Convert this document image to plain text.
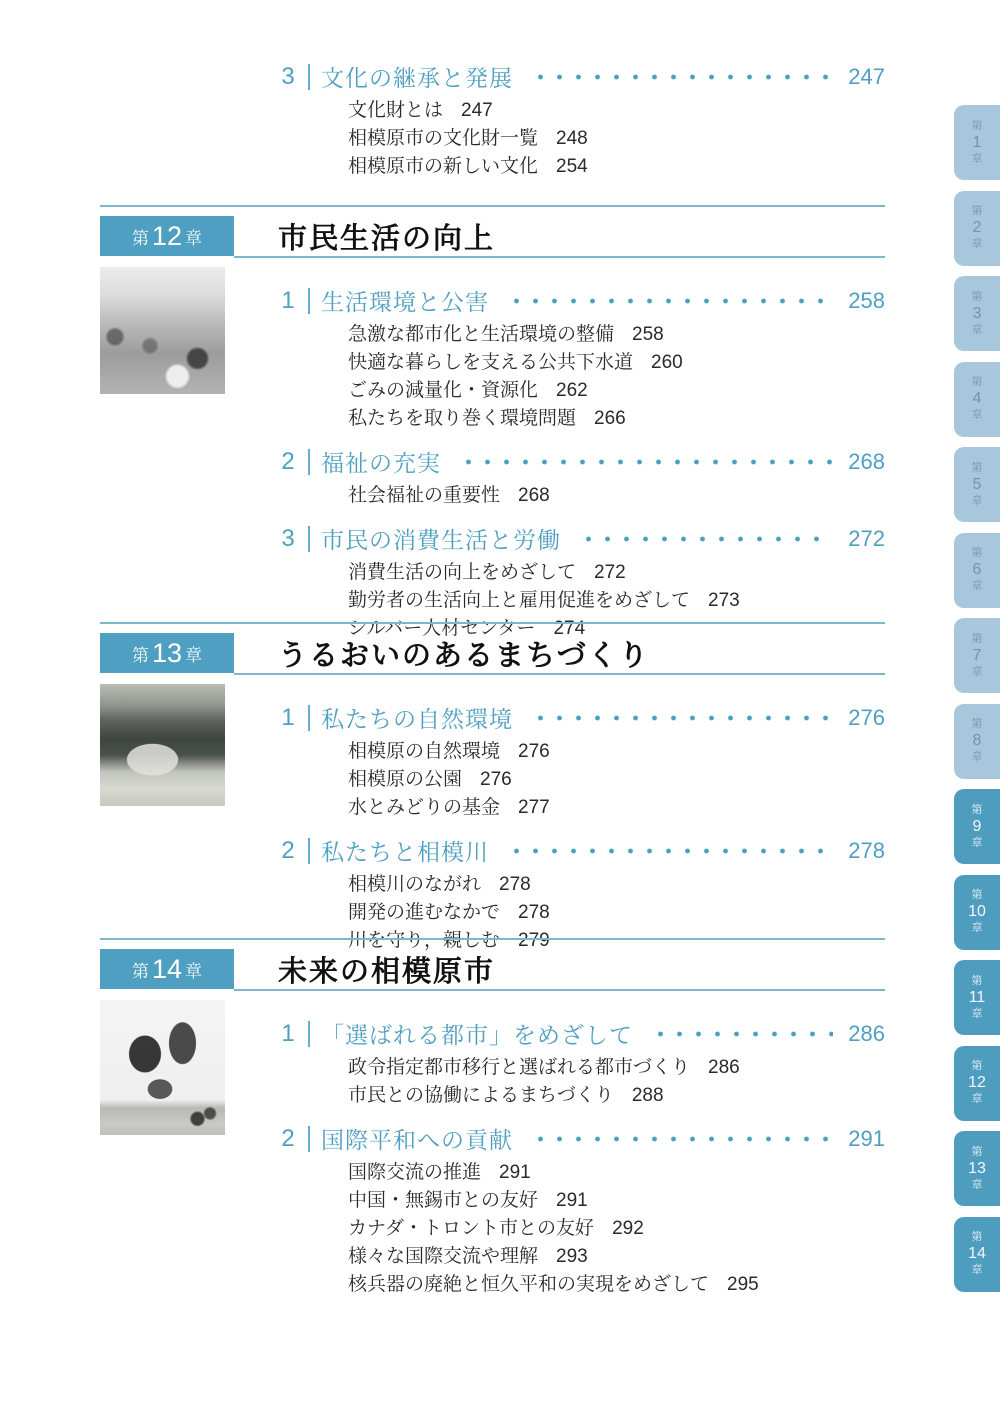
3 文化の継承と発展	247
文化財とは 247
相模原市の文化財一覧 248
相模原市の新しい文化 254
第 12 章	市民生活の向上
1 生活環境と公害	258
急激な都市化と生活環境の整備 258
快適な暮らしを支える公共下水道 260
ごみの減量化・資源化 262
私たちを取り巻く環境問題 266
2 福祉の充実	268
社会福祉の重要性 268
3 市民の消費生活と労働	272
消費生活の向上をめざして 272
勤労者の生活向上と雇用促進をめざして 273
シルバー人材センター 274
第 13 章	うるおいのあるまちづくり
1 私たちの自然環境	276
相模原の自然環境 276
相模原の公園 276
水とみどりの基金 277
2 私たちと相模川	278
相模川のながれ 278
開発の進むなかで 278
川を守り，親しむ 279
第 14 章	未来の相模原市
1 「選ばれる都市」をめざして	286
政令指定都市移行と選ばれる都市づくり 286
市民との協働によるまちづくり 288
2 国際平和への貢献	291
国際交流の推進 291
中国・無錫市との友好 291
カナダ・トロント市との友好 292
様々な国際交流や理解 293
核兵器の廃絶と恒久平和の実現をめざして 295
第
1
章
第
2
章
第
3
章
第
4
章
第
5
章
第
6
章
第
7
章
第
8
章
第
9
章
第
10
章
第
11
章
第
12
章
第
13
章
第
14
章
